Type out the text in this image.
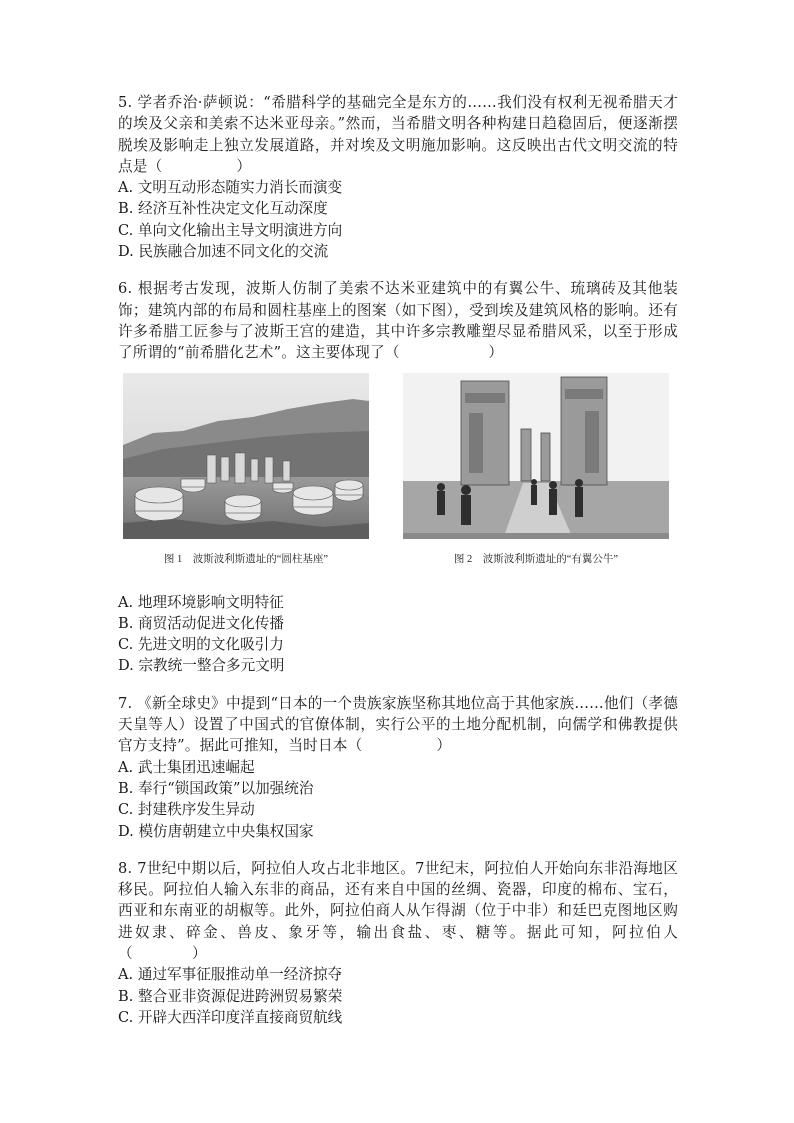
5. 学者乔治·萨顿说：“希腊科学的基础完全是东方的……我们没有权利无视希腊天才的埃及父亲和美索不达米亚母亲。”然而，当希腊文明各种构建日趋稳固后，便逐渐摆脱埃及影响走上独立发展道路，并对埃及文明施加影响。这反映出古代文明交流的特点是（　　　　　）

A. 文明互动形态随实力消长而演变

B. 经济互补性决定文化互动深度

C. 单向文化输出主导文明演进方向

D. 民族融合加速不同文化的交流

6. 根据考古发现，波斯人仿制了美索不达米亚建筑中的有翼公牛、琉璃砖及其他装饰；建筑内部的布局和圆柱基座上的图案（如下图），受到埃及建筑风格的影响。还有许多希腊工匠参与了波斯王宫的建造，其中许多宗教雕塑尽显希腊风采，以至于形成了所谓的“前希腊化艺术”。这主要体现了（　　　　　　）

图 1　波斯波利斯遗址的“圆柱基座”	图 2　波斯波利斯遗址的“有翼公牛”

A. 地理环境影响文明特征

B. 商贸活动促进文化传播

C. 先进文明的文化吸引力

D. 宗教统一整合多元文明

7. 《新全球史》中提到“日本的一个贵族家族坚称其地位高于其他家族……他们（孝德天皇等人）设置了中国式的官僚体制，实行公平的土地分配机制，向儒学和佛教提供官方支持”。据此可推知，当时日本（　　　　　）

A. 武士集团迅速崛起

B. 奉行“锁国政策”以加强统治

C. 封建秩序发生异动

D. 模仿唐朝建立中央集权国家

8. 7世纪中期以后，阿拉伯人攻占北非地区。7世纪末，阿拉伯人开始向东非沿海地区移民。阿拉伯人输入东非的商品，还有来自中国的丝绸、瓷器，印度的棉布、宝石，西亚和东南亚的胡椒等。此外，阿拉伯商人从乍得湖（位于中非）和廷巴克图地区购进奴隶、碎金、兽皮、象牙等，输出食盐、枣、糖等。据此可知，阿拉伯人（　　　　）

A. 通过军事征服推动单一经济掠夺

B. 整合亚非资源促进跨洲贸易繁荣

C. 开辟大西洋印度洋直接商贸航线
